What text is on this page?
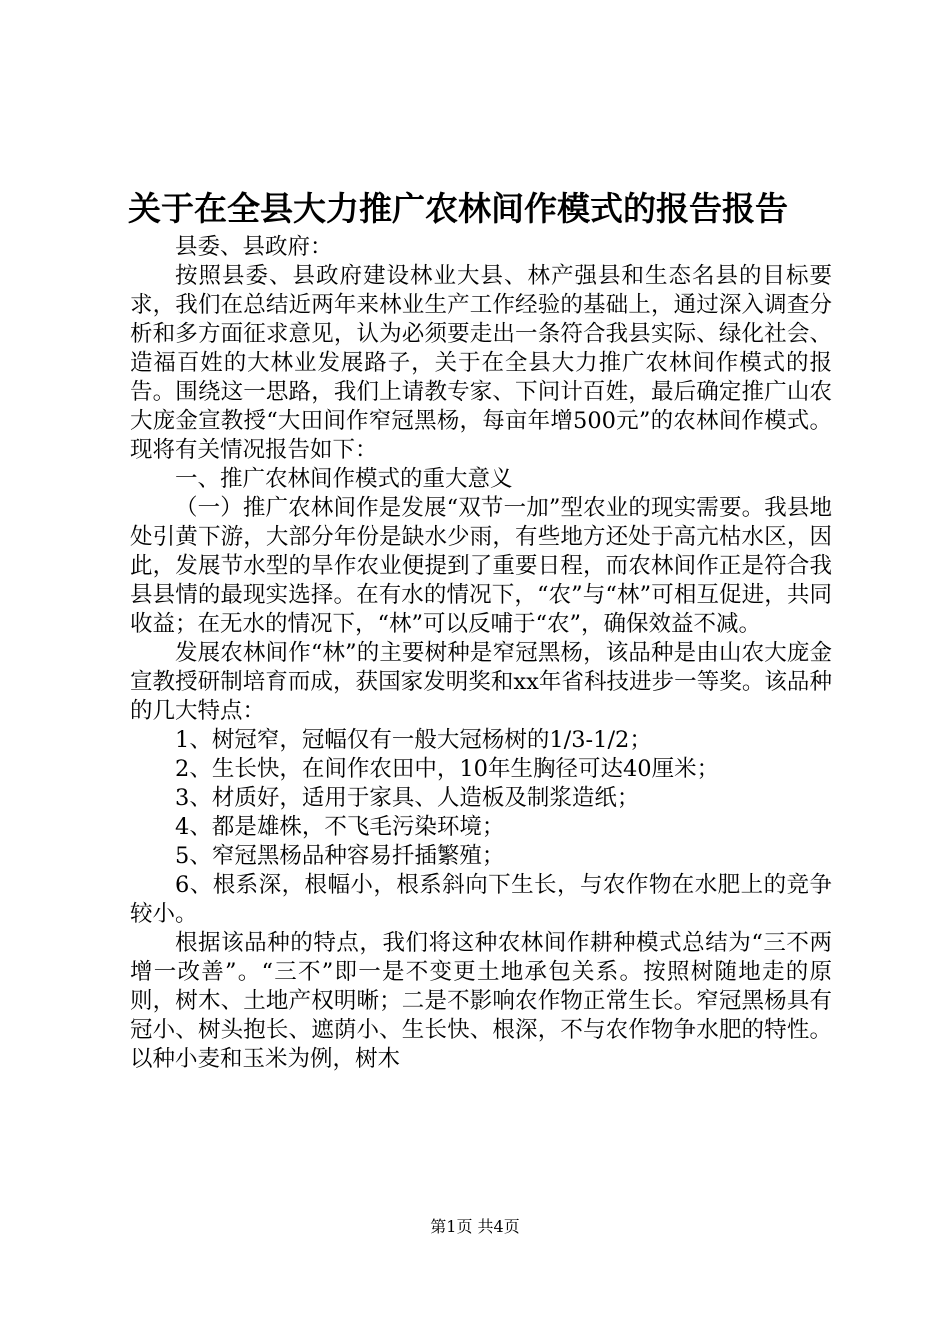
关于在全县大力推广农林间作模式的报告报告

县委、县政府：

按照县委、县政府建设林业大县、林产强县和生态名县的目标要求，我们在总结近两年来林业生产工作经验的基础上，通过深入调查分析和多方面征求意见，认为必须要走出一条符合我县实际、绿化社会、造福百姓的大林业发展路子，关于在全县大力推广农林间作模式的报告。围绕这一思路，我们上请教专家、下问计百姓，最后确定推广山农大庞金宣教授“大田间作窄冠黑杨，每亩年增500元”的农林间作模式。现将有关情况报告如下：

一、推广农林间作模式的重大意义

（一）推广农林间作是发展“双节一加”型农业的现实需要。我县地处引黄下游，大部分年份是缺水少雨，有些地方还处于高亢枯水区，因此，发展节水型的旱作农业便提到了重要日程，而农林间作正是符合我县县情的最现实选择。在有水的情况下，“农”与“林”可相互促进，共同收益；在无水的情况下，“林”可以反哺于“农”，确保效益不减。

发展农林间作“林”的主要树种是窄冠黑杨，该品种是由山农大庞金宣教授研制培育而成，获国家发明奖和xx年省科技进步一等奖。该品种的几大特点：

1、树冠窄，冠幅仅有一般大冠杨树的1/3-1/2；

2、生长快，在间作农田中，10年生胸径可达40厘米；

3、材质好，适用于家具、人造板及制浆造纸；

4、都是雄株，不飞毛污染环境；

5、窄冠黑杨品种容易扦插繁殖；

6、根系深，根幅小，根系斜向下生长，与农作物在水肥上的竞争较小。

根据该品种的特点，我们将这种农林间作耕种模式总结为“三不两增一改善”。“三不”即一是不变更土地承包关系。按照树随地走的原则，树木、土地产权明晰；二是不影响农作物正常生长。窄冠黑杨具有冠小、树头抱长、遮荫小、生长快、根深，不与农作物争水肥的特性。以种小麦和玉米为例，树木

第1页 共4页
